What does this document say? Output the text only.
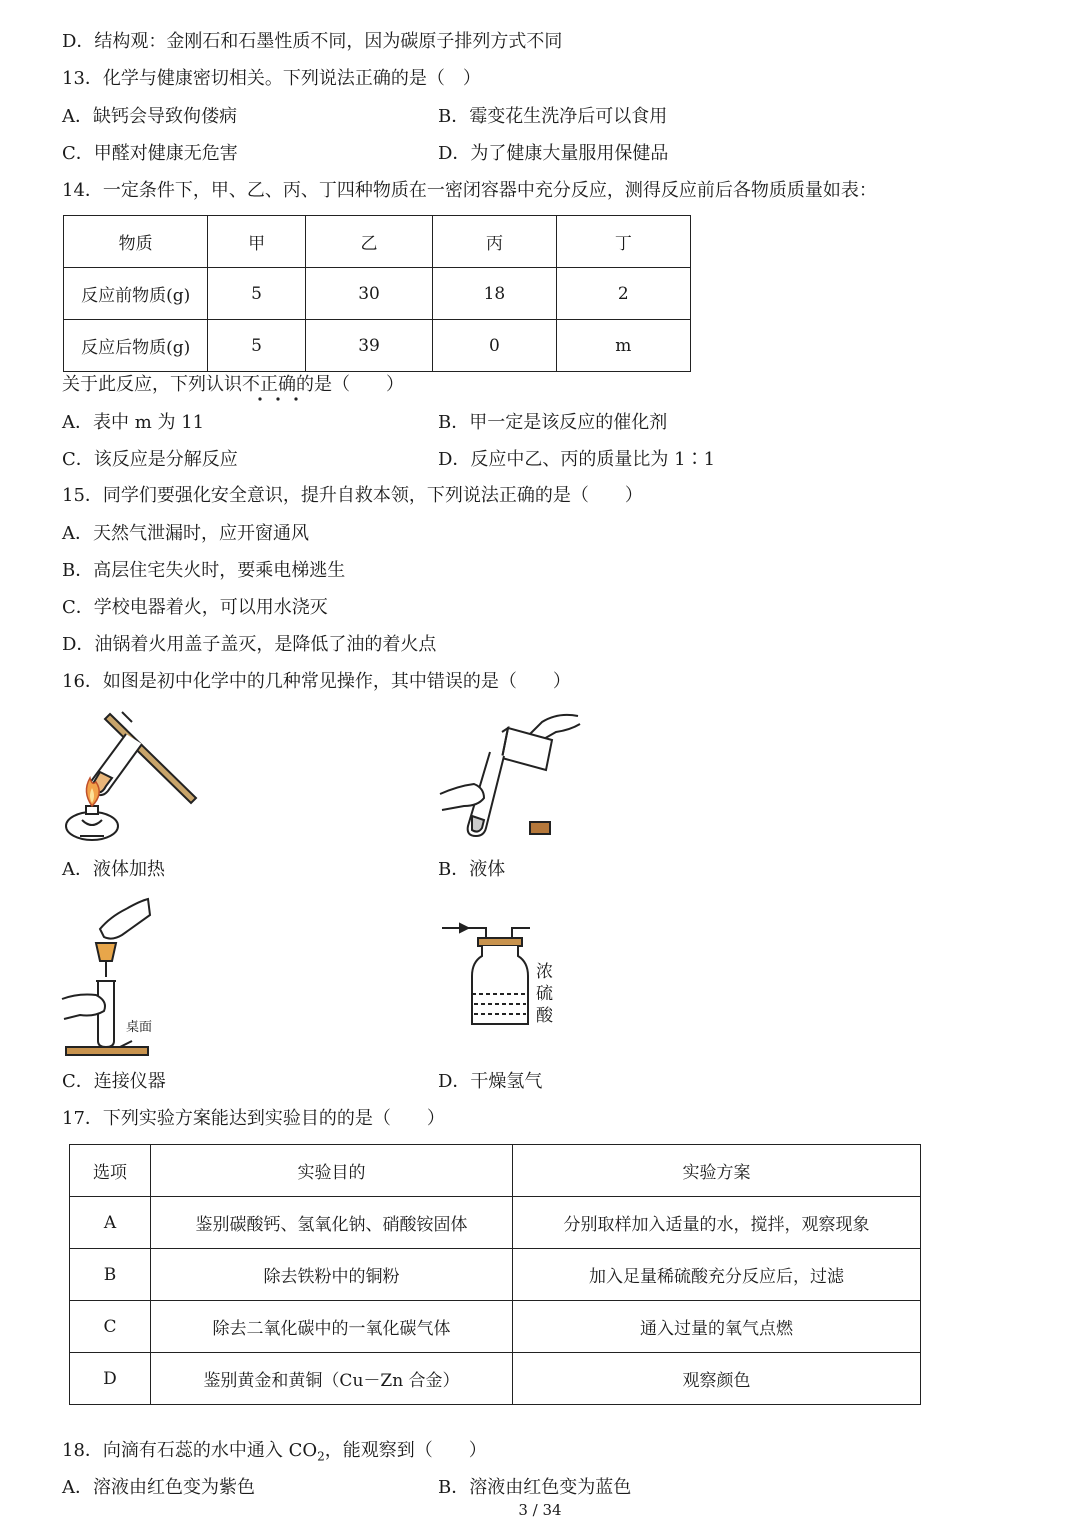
D．结构观：金刚石和石墨性质不同，因为碳原子排列方式不同
13．化学与健康密切相关。下列说法正确的是（　）
A．缺钙会导致佝偻病	B．霉变花生洗净后可以食用
C．甲醛对健康无危害	D．为了健康大量服用保健品
14．一定条件下，甲、乙、丙、丁四种物质在一密闭容器中充分反应，测得反应前后各物质质量如表：
物质	甲	乙	丙	丁
反应前物质(g)	5	30	18	2
反应后物质(g)	5	39	0	m
关于此反应，下列认识不正确的是（　　）
A．表中 m 为 11	B．甲一定是该反应的催化剂
C．该反应是分解反应	D．反应中乙、丙的质量比为 1∶1
15．同学们要强化安全意识，提升自救本领，下列说法正确的是（　　）
A．天然气泄漏时，应开窗通风
B．高层住宅失火时，要乘电梯逃生
C．学校电器着火，可以用水浇灭
D．油锅着火用盖子盖灭，是降低了油的着火点
16．如图是初中化学中的几种常见操作，其中错误的是（　　）
A．液体加热	B．液体
桌面
C．连接仪器
浓
硫
酸
D．干燥氢气
17．下列实验方案能达到实验目的的是（　　）
选项	实验目的	实验方案
A	鉴别碳酸钙、氢氧化钠、硝酸铵固体	分别取样加入适量的水，搅拌，观察现象
B	除去铁粉中的铜粉	加入足量稀硫酸充分反应后，过滤
C	除去二氧化碳中的一氧化碳气体	通入过量的氧气点燃
D	鉴别黄金和黄铜（Cu－Zn 合金）	观察颜色
18．向滴有石蕊的水中通入 $CO_2$，能观察到（　　）
A．溶液由红色变为紫色	B．溶液由红色变为蓝色
3 / 34
